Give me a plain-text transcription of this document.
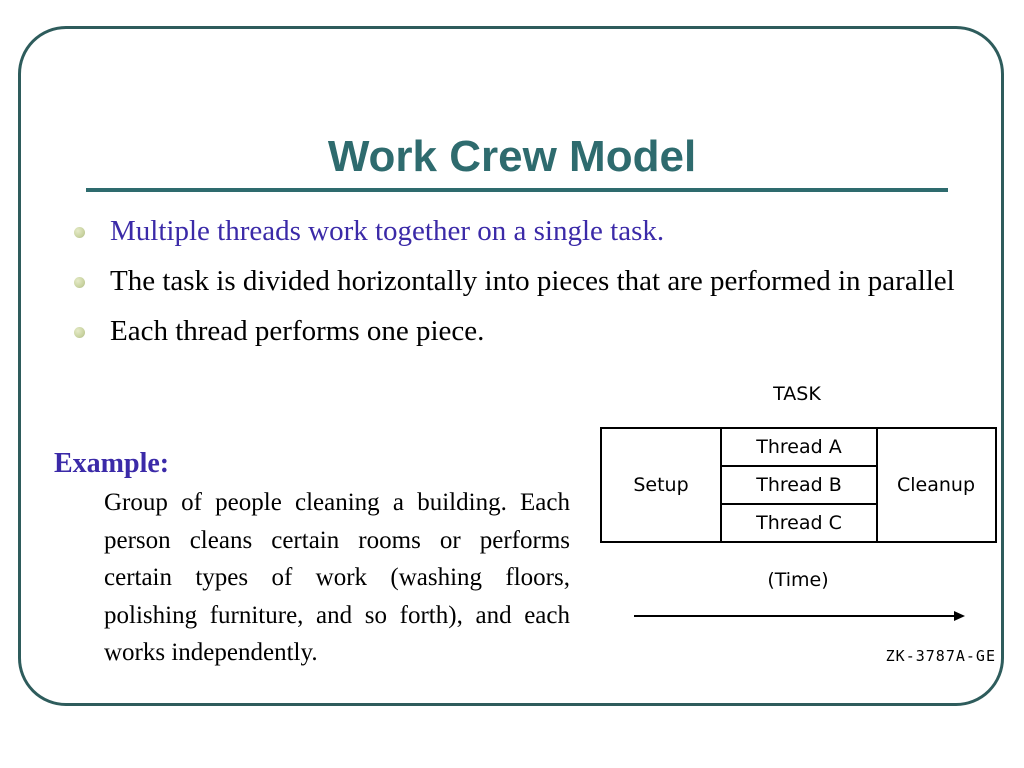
Work Crew Model
Multiple threads work together on a single task.
The task is divided horizontally into pieces that are performed in parallel
Each thread performs one piece.
Example:

Group of people cleaning a building. Each person cleans certain rooms or performs certain types of work (washing floors, polishing furniture, and so forth), and each works independently.

TASK
Setup
Thread A
Thread B
Thread C
Cleanup
(Time)
ZK-3787A-GE
